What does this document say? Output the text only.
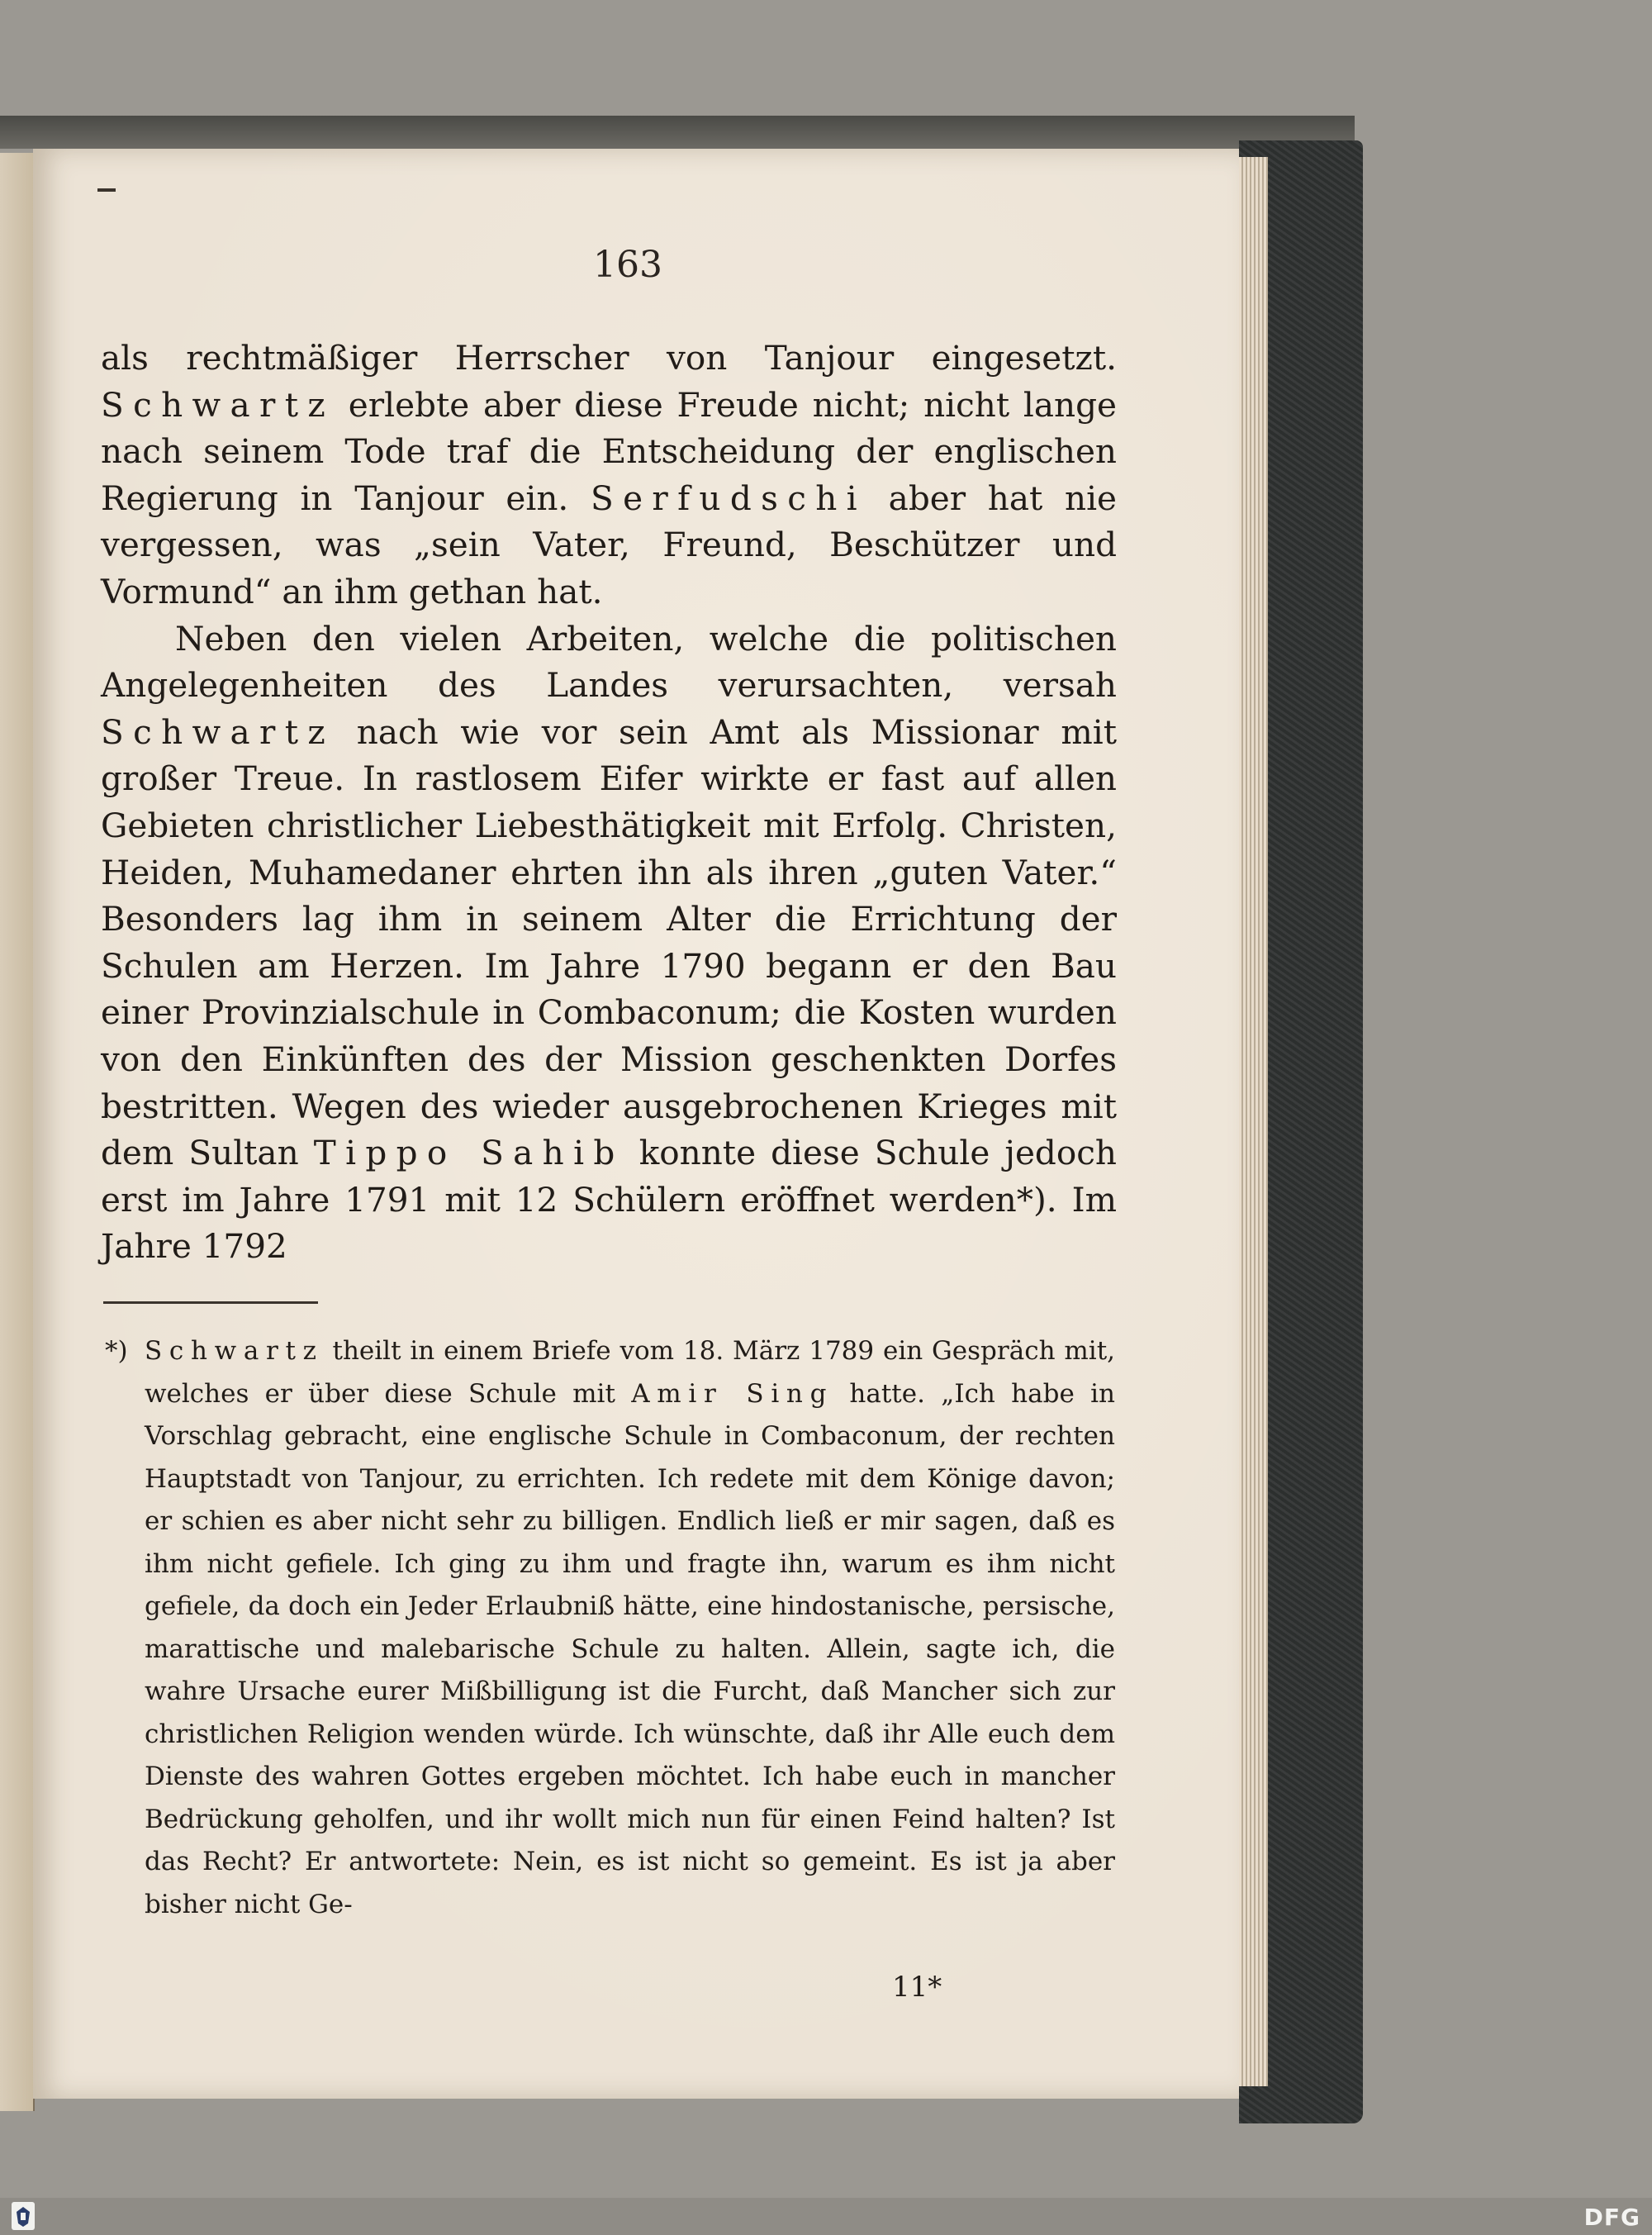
163

als rechtmäßiger Herrscher von Tanjour eingesetzt. Schwartz erlebte aber diese Freude nicht; nicht lange nach seinem Tode traf die Entscheidung der englischen Regierung in Tanjour ein. Serfudschi aber hat nie vergessen, was „sein Vater, Freund, Beschützer und Vormund“ an ihm gethan hat.

Neben den vielen Arbeiten, welche die politischen Angelegenheiten des Landes verursachten, versah Schwartz nach wie vor sein Amt als Missionar mit großer Treue. In rastlosem Eifer wirkte er fast auf allen Gebieten christlicher Liebesthätigkeit mit Erfolg. Christen, Heiden, Muhamedaner ehrten ihn als ihren „guten Vater.“ Besonders lag ihm in seinem Alter die Errichtung der Schulen am Herzen. Im Jahre 1790 begann er den Bau einer Provinzialschule in Combaconum; die Kosten wurden von den Einkünften des der Mission geschenkten Dorfes bestritten. Wegen des wieder ausgebrochenen Krieges mit dem Sultan Tippo Sahib konnte diese Schule jedoch erst im Jahre 1791 mit 12 Schülern eröffnet werden*). Im Jahre 1792

*) Schwartz theilt in einem Briefe vom 18. März 1789 ein Gespräch mit, welches er über diese Schule mit Amir Sing hatte. „Ich habe in Vorschlag gebracht, eine englische Schule in Combaconum, der rechten Hauptstadt von Tanjour, zu errichten. Ich redete mit dem Könige davon; er schien es aber nicht sehr zu billigen. Endlich ließ er mir sagen, daß es ihm nicht gefiele. Ich ging zu ihm und fragte ihn, warum es ihm nicht gefiele, da doch ein Jeder Erlaubniß hätte, eine hindostanische, persische, marattische und malebarische Schule zu halten. Allein, sagte ich, die wahre Ursache eurer Mißbilligung ist die Furcht, daß Mancher sich zur christlichen Religion wenden würde. Ich wünschte, daß ihr Alle euch dem Dienste des wahren Gottes ergeben möchtet. Ich habe euch in mancher Bedrückung geholfen, und ihr wollt mich nun für einen Feind halten? Ist das Recht? Er antwortete: Nein, es ist nicht so gemeint. Es ist ja aber bisher nicht Ge-
11*
DFG
